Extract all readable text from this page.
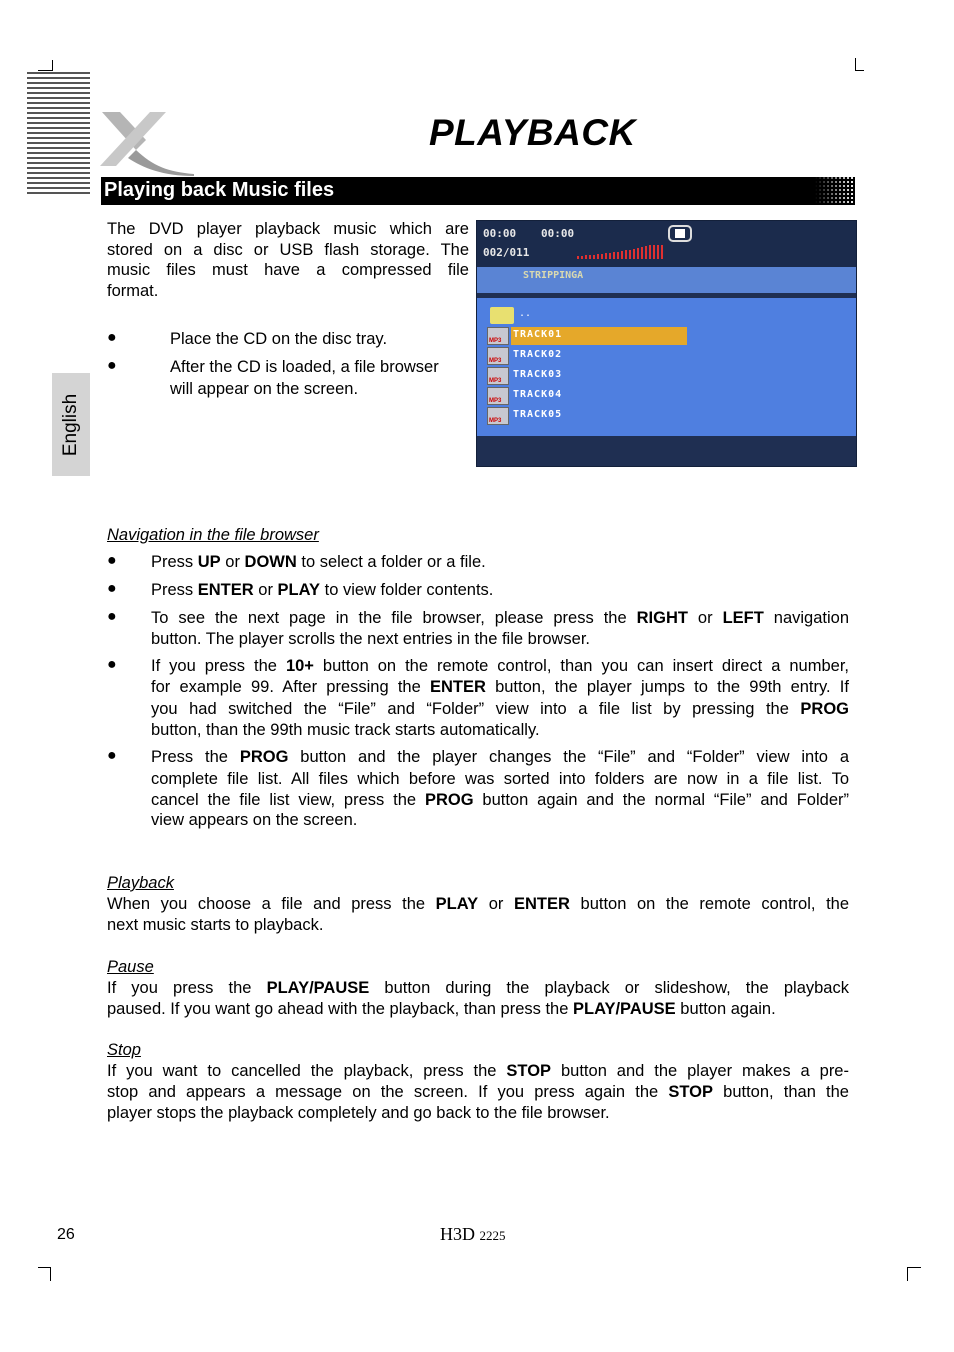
PLAYBACK
Playing back Music files
English
The DVD player playback music which are
stored on a disc or USB flash storage. The
music files must have a compressed file
format.
●	Place the CD on the disc tray.
●	After the CD is loaded, a file browser
will appear on the screen.
00:00 00:00
002/011
STRIPPINGA
..
MP3
TRACK01
MP3
TRACK02
MP3
TRACK03
MP3
TRACK04
MP3
TRACK05
Navigation in the file browser
● Press UP or DOWN to select a folder or a file.
● Press ENTER or PLAY to view folder contents.
● To see the next page in the file browser, please press the RIGHT or LEFT navigation
button. The player scrolls the next entries in the file browser.
● If you press the 10+ button on the remote control, than you can insert direct a number,
for example 99. After pressing the ENTER button, the player jumps to the 99th entry. If
you had switched the “File” and “Folder” view into a file list by pressing the PROG
button, than the 99th music track starts automatically.
● Press the PROG button and the player changes the “File” and “Folder” view into a
complete file list. All files which before was sorted into folders are now in a file list. To
cancel the file list view, press the PROG button again and the normal “File” and Folder”
view appears on the screen.
Playback
When you choose a file and press the PLAY or ENTER button on the remote control, the
next music starts to playback.
Pause
If you press the PLAY/PAUSE button during the playback or slideshow, the playback
paused. If you want go ahead with the playback, than press the PLAY/PAUSE button again.
Stop
If you want to cancelled the playback, press the STOP button and the player makes a pre-
stop and appears a message on the screen. If you press again the STOP button, than the
player stops the playback completely and go back to the file browser.
26	H3D 2225
